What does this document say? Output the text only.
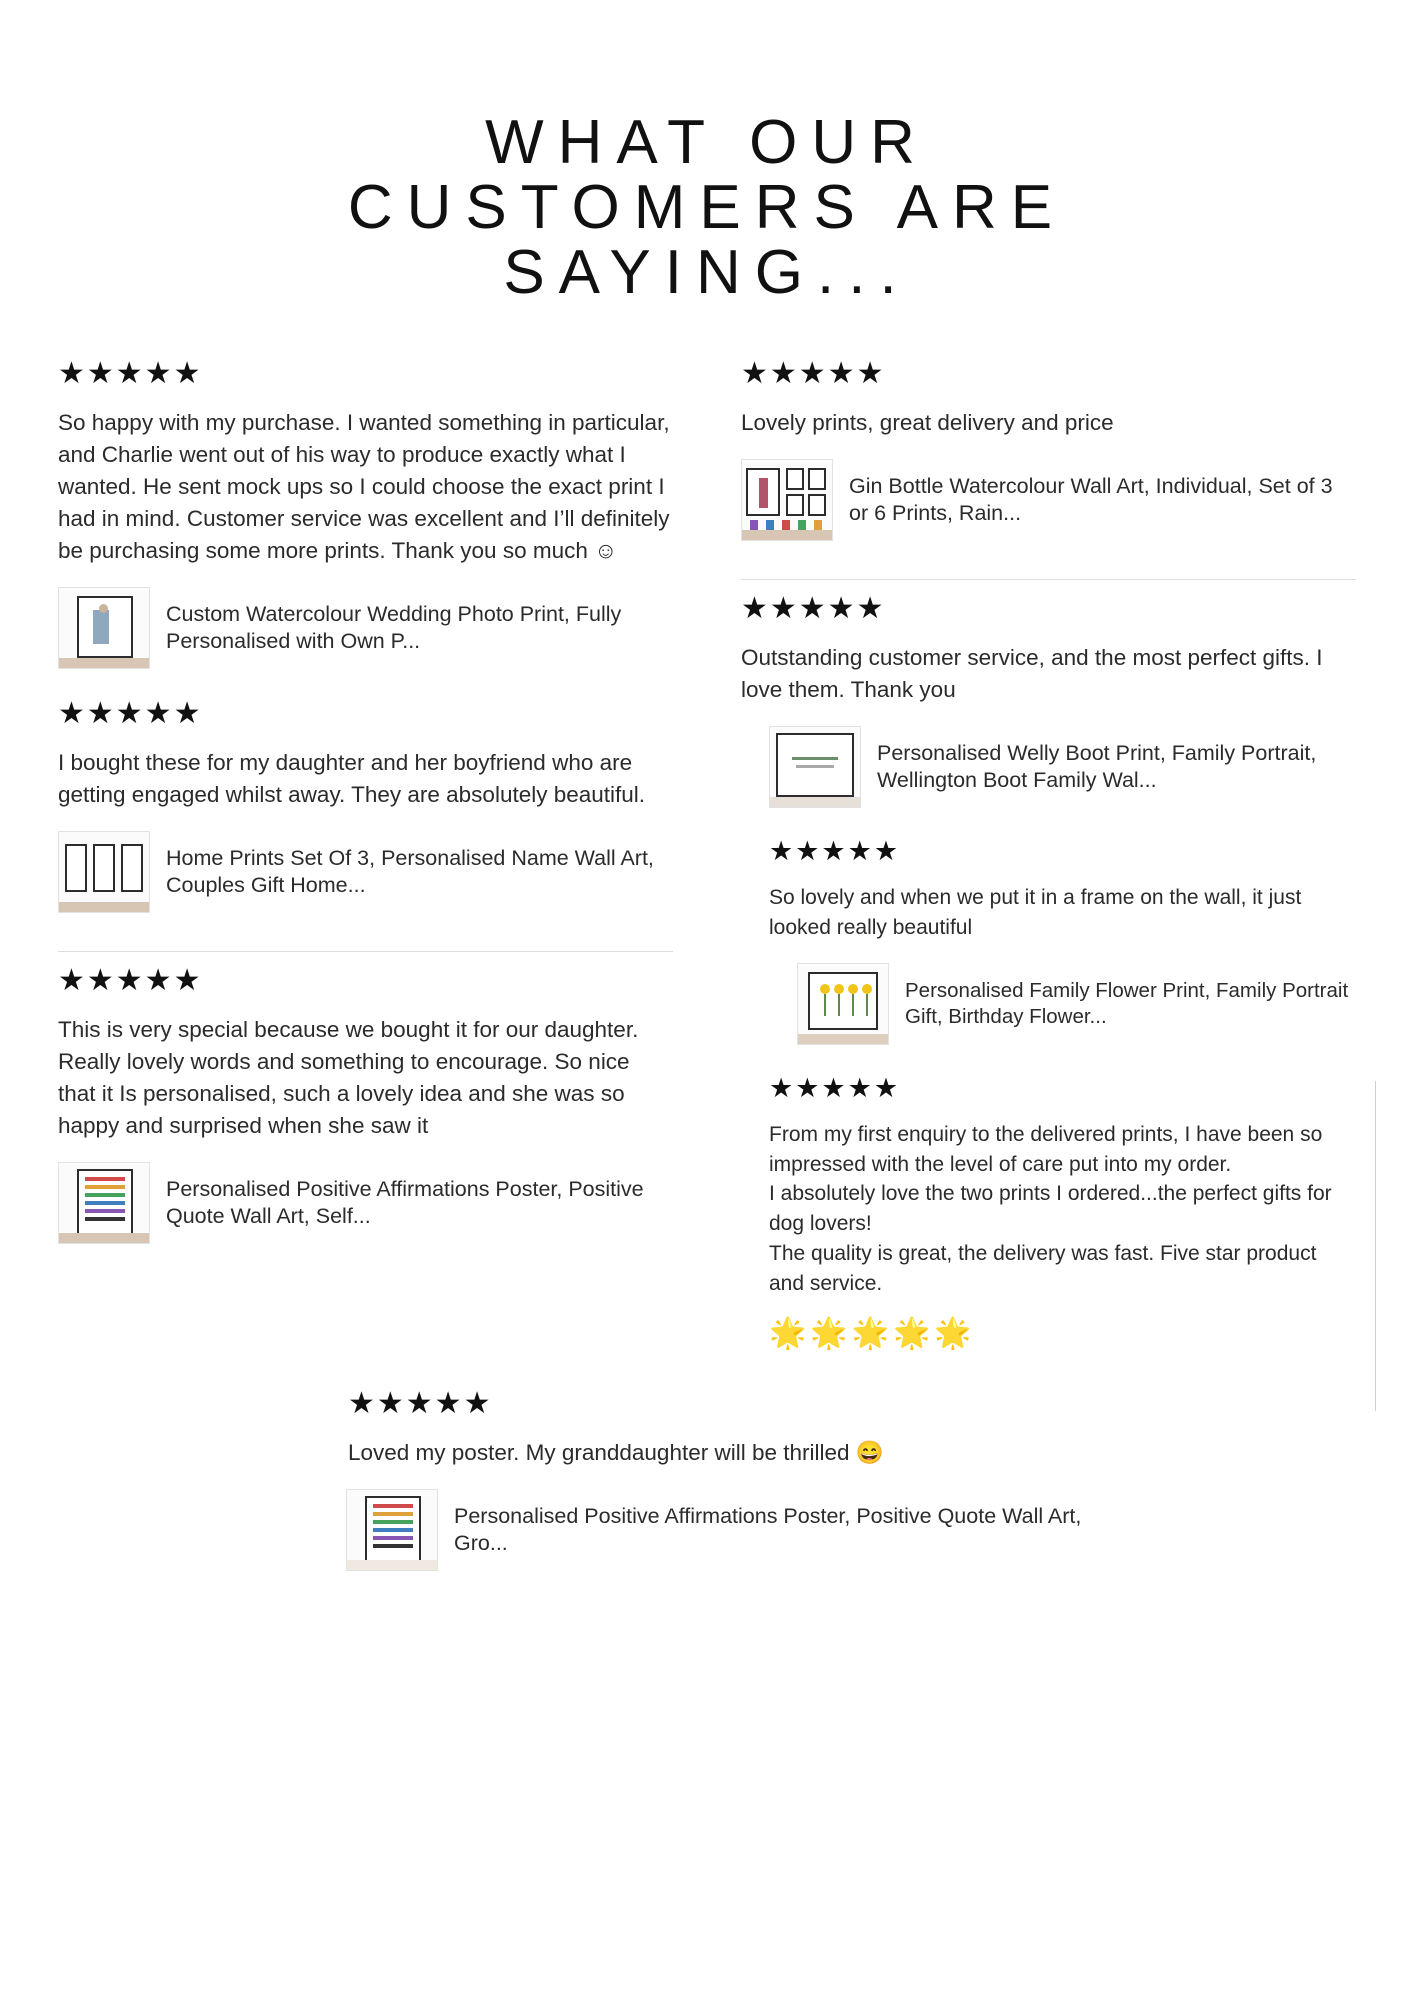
WHAT OUR
CUSTOMERS ARE
SAYING...
★★★★★

So happy with my purchase. I wanted something in particular, and Charlie went out of his way to produce exactly what I wanted. He sent mock ups so I could choose the exact print I had in mind. Customer service was excellent and I’ll definitely be purchasing some more prints. Thank you so much ☺

Custom Watercolour Wedding Photo Print, Fully Personalised with Own P...
★★★★★

I bought these for my daughter and her boyfriend who are getting engaged whilst away. They are absolutely beautiful.

Home Prints Set Of 3, Personalised Name Wall Art, Couples Gift Home...
★★★★★

This is very special because we bought it for our daughter. Really lovely words and something to encourage. So nice that it Is personalised, such a lovely idea and she was so happy and surprised when she saw it

Personalised Positive Affirmations Poster, Positive Quote Wall Art, Self...
★★★★★

Lovely prints, great delivery and price

Gin Bottle Watercolour Wall Art, Individual, Set of 3 or 6 Prints, Rain...
★★★★★

Outstanding customer service, and the most perfect gifts. I love them. Thank you

Personalised Welly Boot Print, Family Portrait, Wellington Boot Family Wal...
★★★★★

So lovely and when we put it in a frame on the wall, it just looked really beautiful

Personalised Family Flower Print, Family Portrait Gift, Birthday Flower...
★★★★★

From my first enquiry to the delivered prints, I have been so impressed with the level of care put into my order.
I absolutely love the two prints I ordered...the perfect gifts for dog lovers!
The quality is great, the delivery was fast. Five star product and service.

🌟🌟🌟🌟🌟
★★★★★

Loved my poster. My granddaughter will be thrilled 😄

Personalised Positive Affirmations Poster, Positive Quote Wall Art, Gro...
